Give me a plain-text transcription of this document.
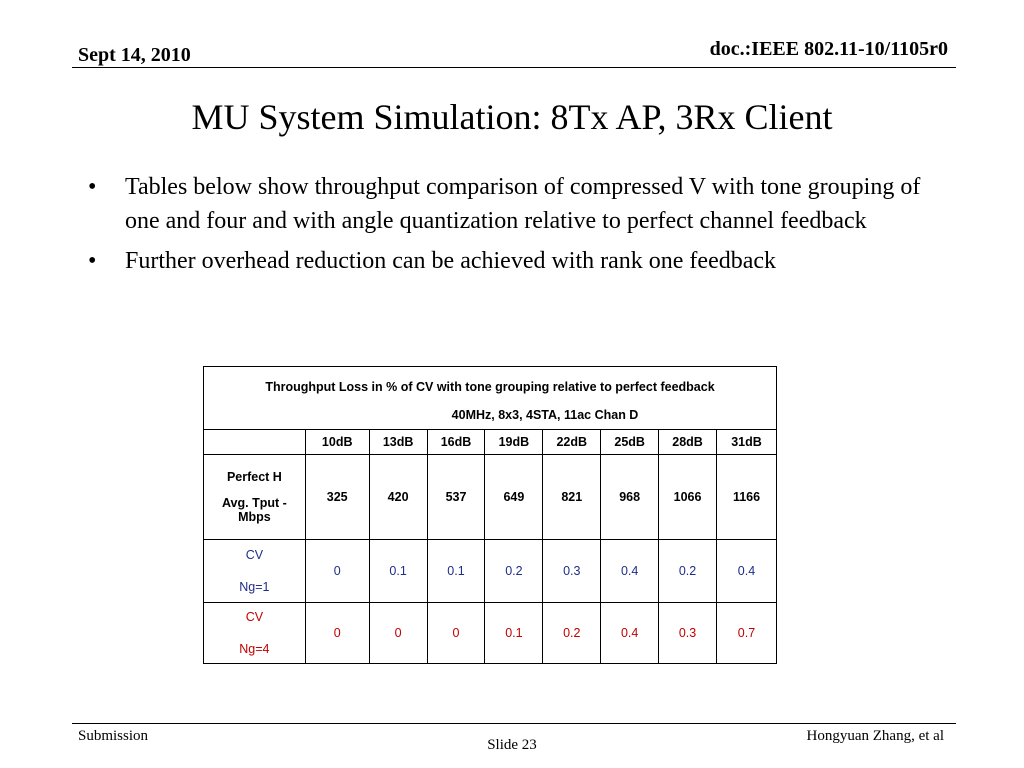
Sept 14, 2010	doc.:IEEE 802.11-10/1105r0
MU System Simulation: 8Tx AP, 3Rx Client
• Tables below show throughput comparison of compressed V with tone grouping of one and four and with angle quantization relative to perfect channel feedback
• Further overhead reduction can be achieved with rank one feedback
Throughput Loss in % of CV with tone grouping relative to perfect feedback
40MHz, 8x3, 4STA, 11ac Chan D								

	10dB	13dB	16dB	19dB	22dB	25dB	28dB	31dB

Perfect H
Avg. Tput - Mbps	325	420	537	649	821	968	1066	1166

CV
Ng=1	0	0.1	0.1	0.2	0.3	0.4	0.2	0.4

CV
Ng=4	0	0	0	0.1	0.2	0.4	0.3	0.7
Submission
Slide 23
Hongyuan Zhang, et al
